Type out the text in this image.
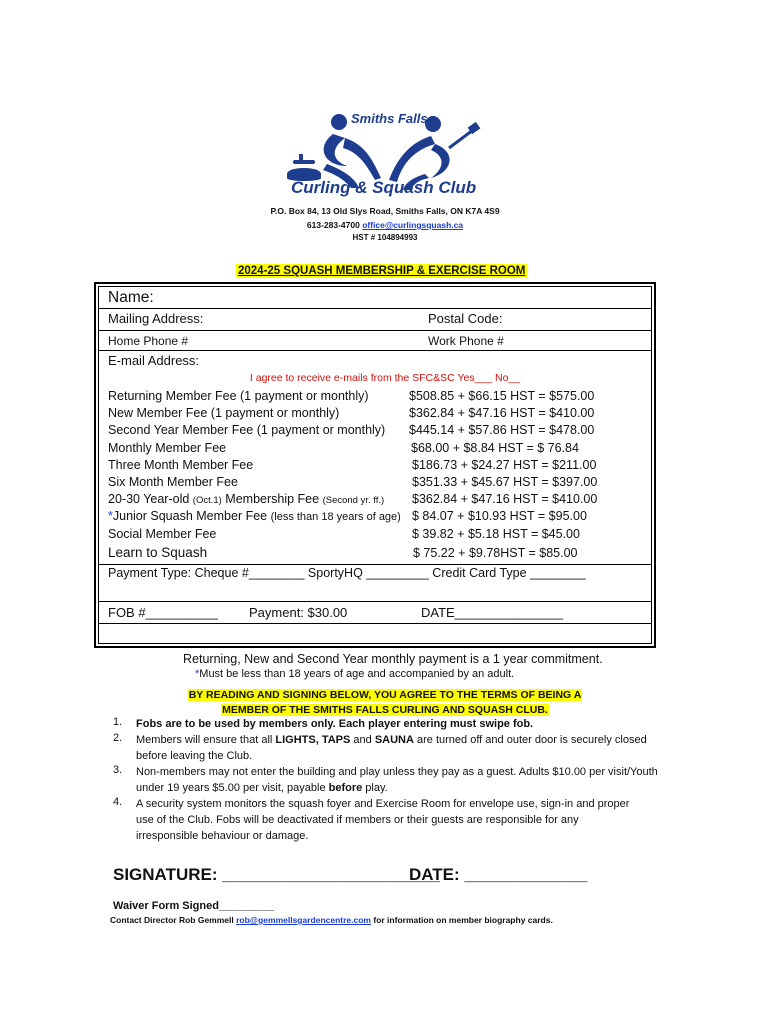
Smiths Falls
Curling & Squash Club
P.O. Box 84, 13 Old Slys Road, Smiths Falls, ON K7A 4S9
613-283-4700 office@curlingsquash.ca
HST # 104894993
2024-25 SQUASH MEMBERSHIP & EXERCISE ROOM
Name:
Mailing Address:	Postal Code:
Home Phone #	Work Phone #
E-mail Address:
I agree to receive e-mails from the SFC&SC Yes___ No__
Returning Member Fee (1 payment or monthly)	$508.85 + $66.15 HST = $575.00
New Member Fee (1 payment or monthly)	$362.84 + $47.16 HST = $410.00
Second Year Member Fee (1 payment or monthly) $445.14 + $57.86 HST = $478.00
Monthly Member Fee	$68.00 + $8.84 HST = $ 76.84
Three Month Member Fee	$186.73 + $24.27 HST = $211.00
Six Month Member Fee	$351.33 + $45.67 HST = $397.00
20-30 Year-old (Oct.1) Membership Fee (Second yr. ff.) $362.84 + $47.16 HST = $410.00
*Junior Squash Member Fee (less than 18 years of age) $ 84.07 + $10.93 HST = $95.00
Social Member Fee	$ 39.82 + $5.18 HST = $45.00
Learn to Squash	$ 75.22 + $9.78HST = $85.00
Payment Type: Cheque #________ SportyHQ _________ Credit Card Type ________
FOB #__________ Payment: $30.00	DATE_______________
Returning, New and Second Year monthly payment is a 1 year commitment.
*Must be less than 18 years of age and accompanied by an adult.
BY READING AND SIGNING BELOW, YOU AGREE TO THE TERMS OF BEING A
MEMBER OF THE SMITHS FALLS CURLING AND SQUASH CLUB.
1. Fobs are to be used by members only. Each player entering must swipe fob.
2. Members will ensure that all LIGHTS, TAPS and SAUNA are turned off and outer door is securely closed before leaving the Club.
3. Non-members may not enter the building and play unless they pay as a guest. Adults $10.00 per visit/Youth under 19 years $5.00 per visit, payable before play.
4. A security system monitors the squash foyer and Exercise Room for envelope use, sign-in and proper use of the Club. Fobs will be deactivated if members or their guests are responsible for any irresponsible behaviour or damage.
SIGNATURE: _______________________
DATE: _____________
Waiver Form Signed_________
Contact Director Rob Gemmell rob@gemmellsgardencentre.com for information on member biography cards.
